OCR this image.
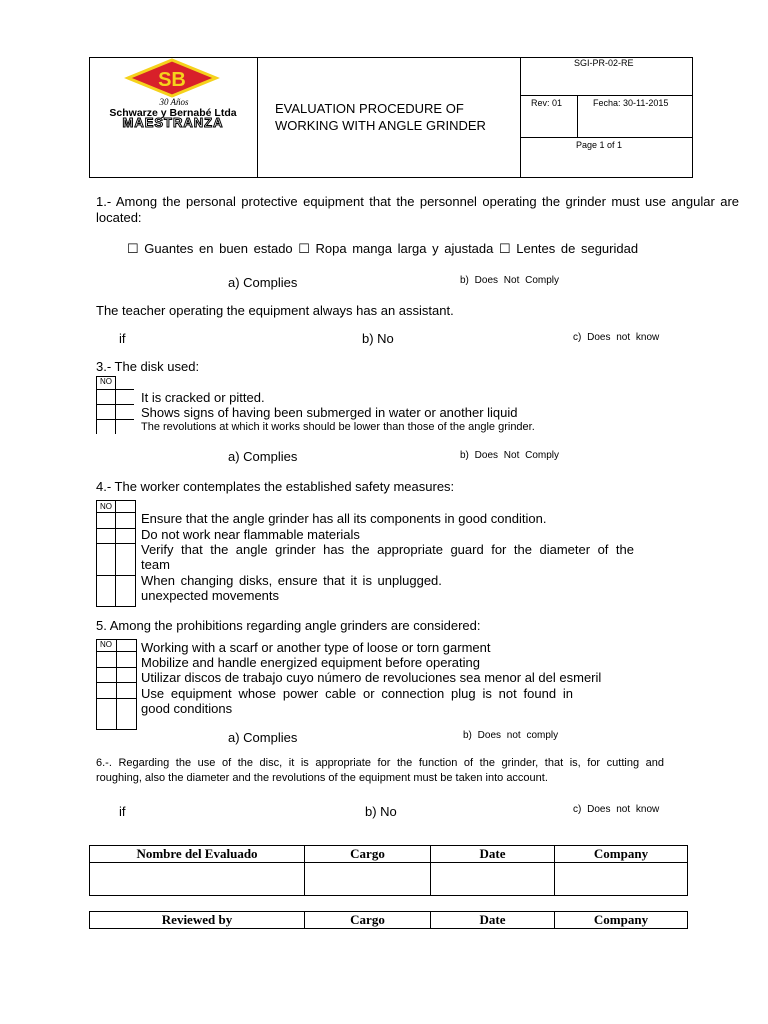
SB
30 Años
Schwarze y Bernabé Ltda
MAESTRANZA
EVALUATION PROCEDURE OF
WORKING WITH ANGLE GRINDER
SGI-PR-02-RE
Rev: 01	Fecha: 30-11-2015
Page 1 of 1
1.- Among the personal protective equipment that the personnel operating the grinder must use angular are located:
☐ Guantes en buen estado ☐ Ropa manga larga y ajustada ☐ Lentes de seguridad
a) Complies	b) Does Not Comply
The teacher operating the equipment always has an assistant.
if	b) No	c) Does not know
3.- The disk used:
NO
It is cracked or pitted.
Shows signs of having been submerged in water or another liquid
The revolutions at which it works should be lower than those of the angle grinder.
a) Complies	b) Does Not Comply
4.- The worker contemplates the established safety measures:
NO
Ensure that the angle grinder has all its components in good condition.
Do not work near flammable materials
Verify that the angle grinder has the appropriate guard for the diameter of the
team
When changing disks, ensure that it is unplugged.
unexpected movements
5. Among the prohibitions regarding angle grinders are considered:
NO Working with a scarf or another type of loose or torn garment
Mobilize and handle energized equipment before operating
Utilizar discos de trabajo cuyo número de revoluciones sea menor al del esmeril
Use equipment whose power cable or connection plug is not found in
good conditions
a) Complies	b) Does not comply
6.-. Regarding the use of the disc, it is appropriate for the function of the grinder, that is, for cutting and
roughing, also the diameter and the revolutions of the equipment must be taken into account.
if	b) No	c) Does not know
Nombre del Evaluado	Cargo	Date	Company

Reviewed by	Cargo	Date	Company
